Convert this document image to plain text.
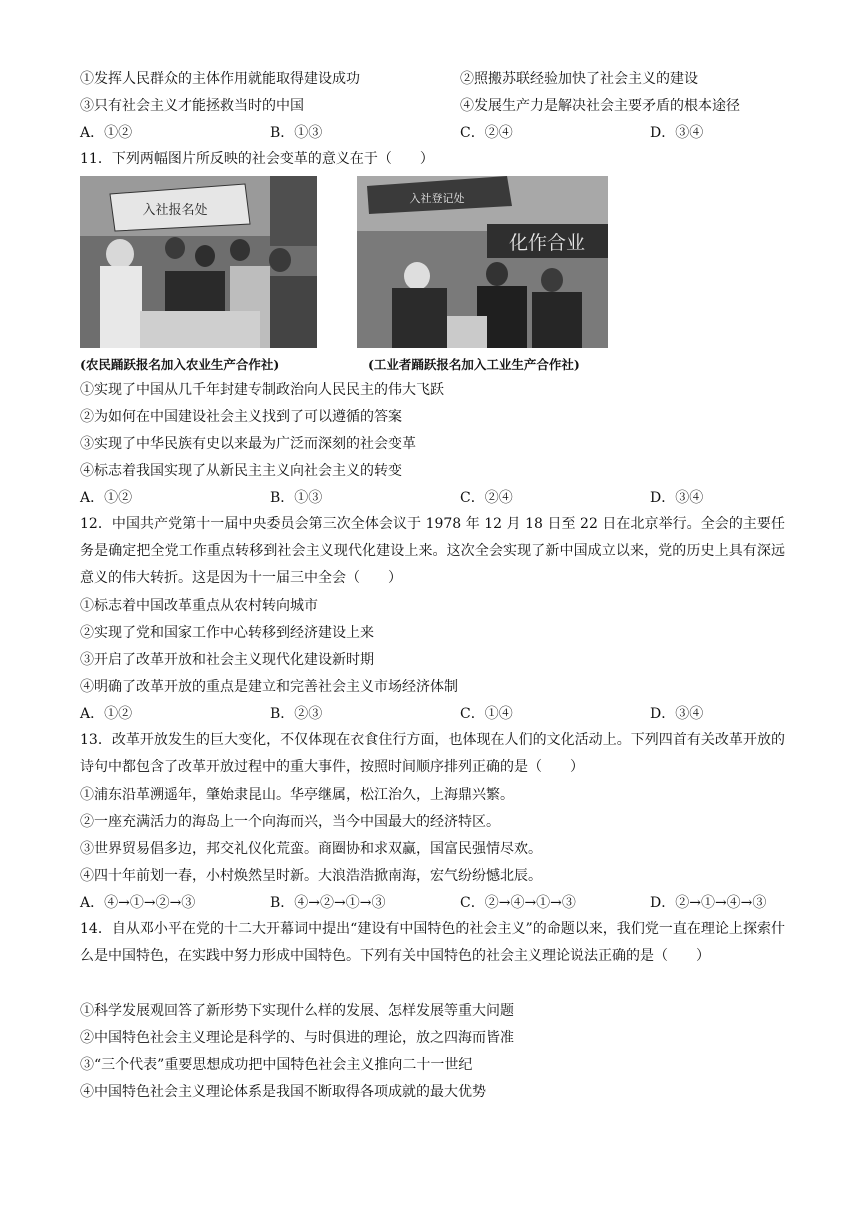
①发挥人民群众的主体作用就能取得建设成功	②照搬苏联经验加快了社会主义的建设
③只有社会主义才能拯救当时的中国	④发展生产力是解决社会主要矛盾的根本途径
A．①②	B．①③	C．②④	D．③④
11．下列两幅图片所反映的社会变革的意义在于（　　）
入社报名处
入社登记处
化作合业
(农民踊跃报名加入农业生产合作社)	(工业者踊跃报名加入工业生产合作社)
①实现了中国从几千年封建专制政治向人民民主的伟大飞跃
②为如何在中国建设社会主义找到了可以遵循的答案
③实现了中华民族有史以来最为广泛而深刻的社会变革
④标志着我国实现了从新民主主义向社会主义的转变
A．①②	B．①③	C．②④	D．③④
12．中国共产党第十一届中央委员会第三次全体会议于 1978 年 12 月 18 日至 22 日在北京举行。全会的主要任务是确定把全党工作重点转移到社会主义现代化建设上来。这次全会实现了新中国成立以来，党的历史上具有深远意义的伟大转折。这是因为十一届三中全会（　　）
①标志着中国改革重点从农村转向城市
②实现了党和国家工作中心转移到经济建设上来
③开启了改革开放和社会主义现代化建设新时期
④明确了改革开放的重点是建立和完善社会主义市场经济体制
A．①②	B．②③	C．①④	D．③④
13．改革开放发生的巨大变化，不仅体现在衣食住行方面，也体现在人们的文化活动上。下列四首有关改革开放的诗句中都包含了改革开放过程中的重大事件，按照时间顺序排列正确的是（　　）
①浦东沿革溯遥年，肇始隶昆山。华亭继属，松江治久，上海鼎兴繁。
②一座充满活力的海岛上一个向海而兴，当今中国最大的经济特区。
③世界贸易倡多边，邦交礼仪化荒蛮。商圈协和求双赢，国富民强情尽欢。
④四十年前划一春，小村焕然呈时新。大浪浩浩掀南海，宏气纷纷憾北辰。
A．④→①→②→③	B．④→②→①→③	C．②→④→①→③	D．②→①→④→③
14．自从邓小平在党的十二大开幕词中提出“建设有中国特色的社会主义”的命题以来，我们党一直在理论上探索什么是中国特色，在实践中努力形成中国特色。下列有关中国特色的社会主义理论说法正确的是（　　）
①科学发展观回答了新形势下实现什么样的发展、怎样发展等重大问题
②中国特色社会主义理论是科学的、与时俱进的理论，放之四海而皆准
③“三个代表”重要思想成功把中国特色社会主义推向二十一世纪
④中国特色社会主义理论体系是我国不断取得各项成就的最大优势
